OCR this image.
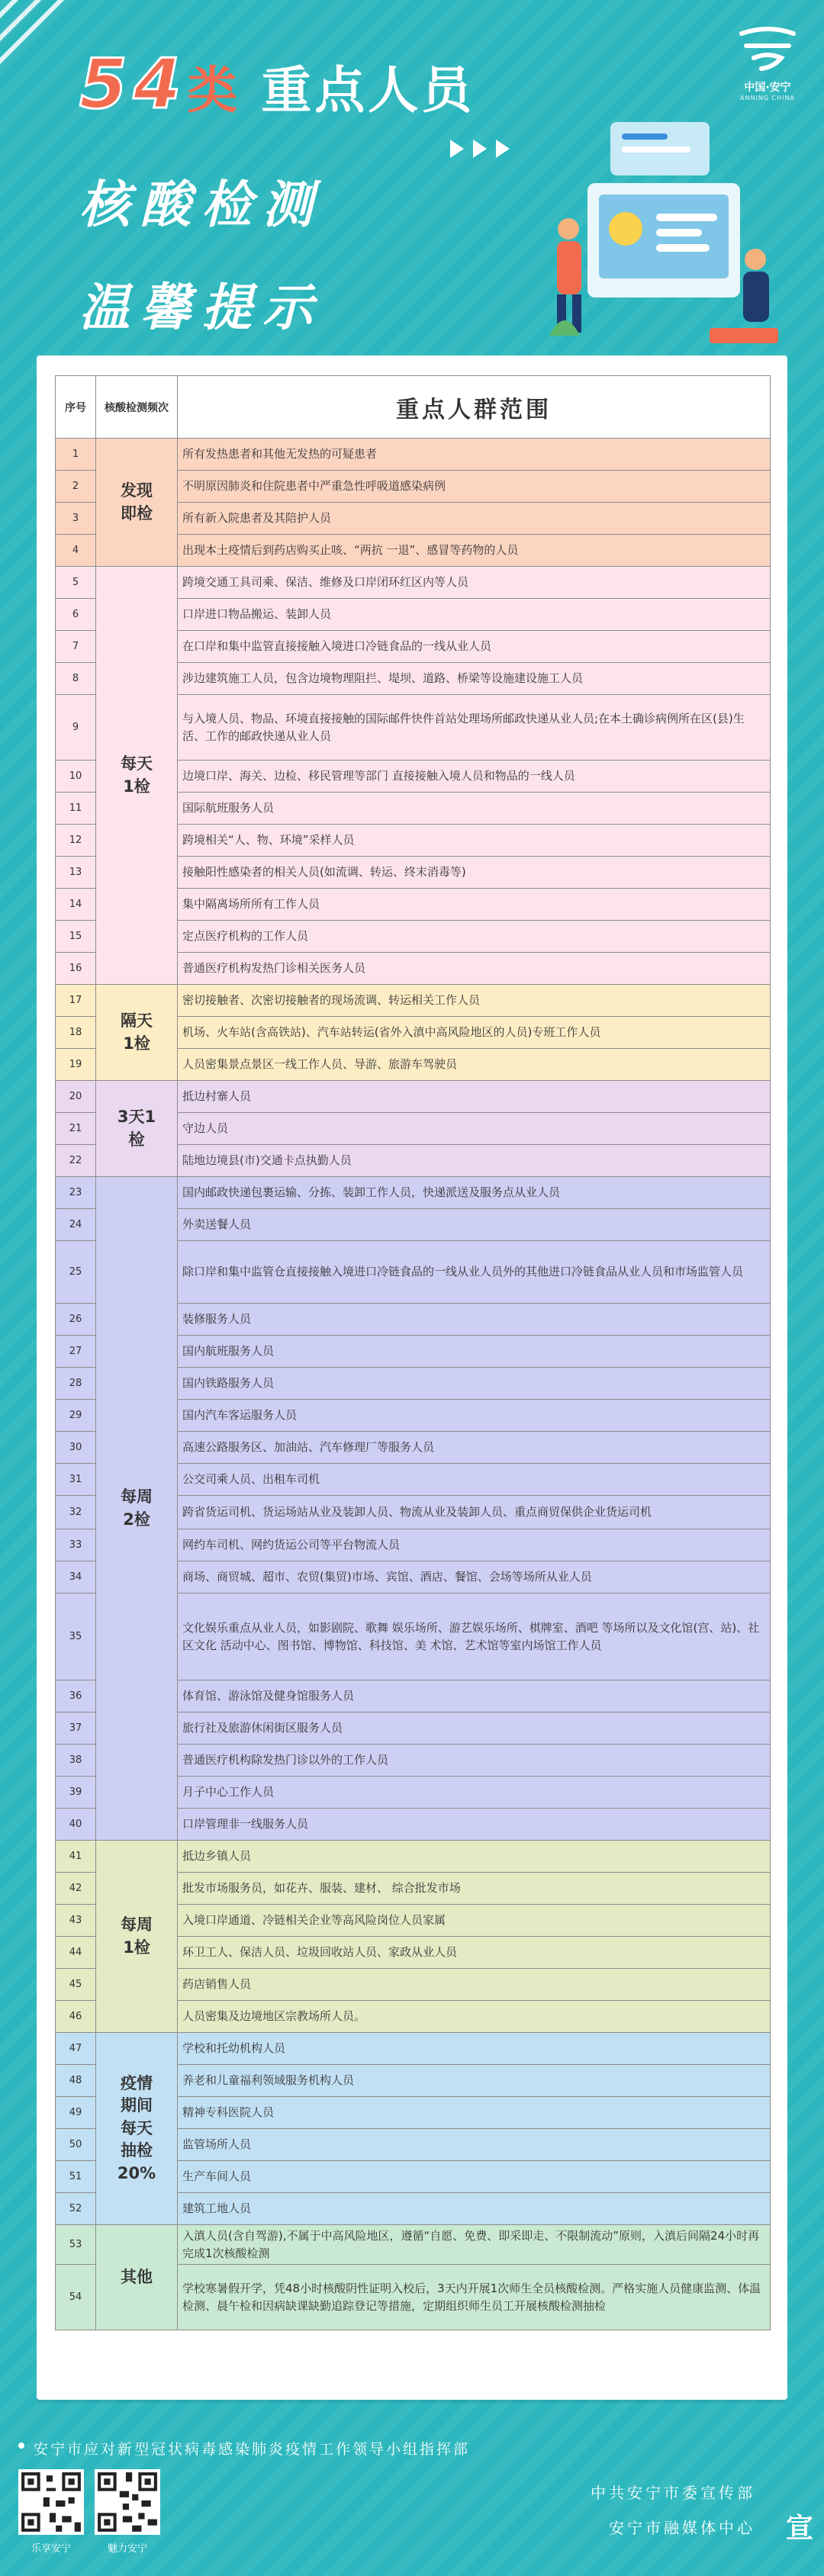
中国·安宁
ANNING CHINA
54类 重点人员
核酸检测
温馨提示
序号	核酸检测频次	重点人群范围
1	发现即检	所有发热患者和其他无发热的可疑患者
2		不明原因肺炎和住院患者中严重急性呼吸道感染病例
3		所有新入院患者及其陪护人员
4		出现本土疫情后到药店购买止咳、“两抗 一退”、感冒等药物的人员
5	每天1检	跨境交通工具司乘、保洁、维修及口岸闭环红区内等人员
6		口岸进口物品搬运、装卸人员
7		在口岸和集中监管直接接触入境进口冷链食品的一线从业人员
8		涉边建筑施工人员，包含边境物理阻拦、堤坝、道路、桥梁等设施建设施工人员
9		与入境人员、物品、环境直接接触的国际邮件快件首站处理场所邮政快递从业人员;在本土确诊病例所在区(县)生活、工作的邮政快递从业人员
10		边境口岸、海关、边检、移民管理等部门 直接接触入境人员和物品的一线人员
11		国际航班服务人员
12		跨境相关“人、物、环境”采样人员
13		接触阳性感染者的相关人员(如流调、转运、终末消毒等)
14		集中隔离场所所有工作人员
15		定点医疗机构的工作人员
16		普通医疗机构发热门诊相关医务人员
17	隔天1检	密切接触者、次密切接触者的现场流调、转运相关工作人员
18		机场、火车站(含高铁站)、汽车站转运(省外入滇中高风险地区的人员)专班工作人员
19		人员密集景点景区一线工作人员、导游、旅游车驾驶员
20	3天1检	抵边村寨人员
21		守边人员
22		陆地边境县(市)交通卡点执勤人员
23	每周2检	国内邮政快递包裹运输、分拣、装卸工作人员，快递派送及服务点从业人员
24		外卖送餐人员
25		除口岸和集中监管仓直接接触入境进口冷链食品的一线从业人员外的其他进口冷链食品从业人员和市场监管人员
26		装修服务人员
27		国内航班服务人员
28		国内铁路服务人员
29		国内汽车客运服务人员
30		高速公路服务区、加油站、汽车修理厂等服务人员
31		公交司乘人员、出租车司机
32		跨省货运司机、货运场站从业及装卸人员、物流从业及装卸人员、重点商贸保供企业货运司机
33		网约车司机、网约货运公司等平台物流人员
34		商场、商贸城、超市、农贸(集贸)市场、宾馆、酒店、餐馆、会场等场所从业人员
35		文化娱乐重点从业人员，如影剧院、歌舞 娱乐场所、游艺娱乐场所、棋牌室、酒吧 等场所以及文化馆(宫、站)、社区文化 活动中心、图书馆、博物馆、科技馆、美 术馆、艺术馆等室内场馆工作人员
36		体育馆、游泳馆及健身馆服务人员
37		旅行社及旅游休闲街区服务人员
38		普通医疗机构除发热门诊以外的工作人员
39		月子中心工作人员
40		口岸管理非一线服务人员
41	每周1检	抵边乡镇人员
42		批发市场服务员，如花卉、服装、建材、 综合批发市场
43		入境口岸通道、冷链相关企业等高风险岗位人员家属
44		环卫工人、保洁人员、垃圾回收站人员、家政从业人员
45		药店销售人员
46		人员密集及边境地区宗教场所人员。
47	疫情期间每天抽检20%	学校和托幼机构人员
48		养老和儿童福利领域服务机构人员
49		精神专科医院人员
50		监管场所人员
51		生产车间人员
52		建筑工地人员
53	其他	入滇人员(含自驾游),不属于中高风险地区，遵循“自愿、免费、即采即走、不限制流动”原则，入滇后间隔24小时再完成1次核酸检测
54		学校寒暑假开学，凭48小时核酸阴性证明入校后，3天内开展1次师生全员核酸检测。严格实施人员健康监测、体温检测、晨午检和因病缺课缺勤追踪登记等措施，定期组织师生员工开展核酸检测抽检
安宁市应对新型冠状病毒感染肺炎疫情工作领导小组指挥部
乐享安宁	魅力安宁
中共安宁市委宣传部
安宁市融媒体中心 宣
